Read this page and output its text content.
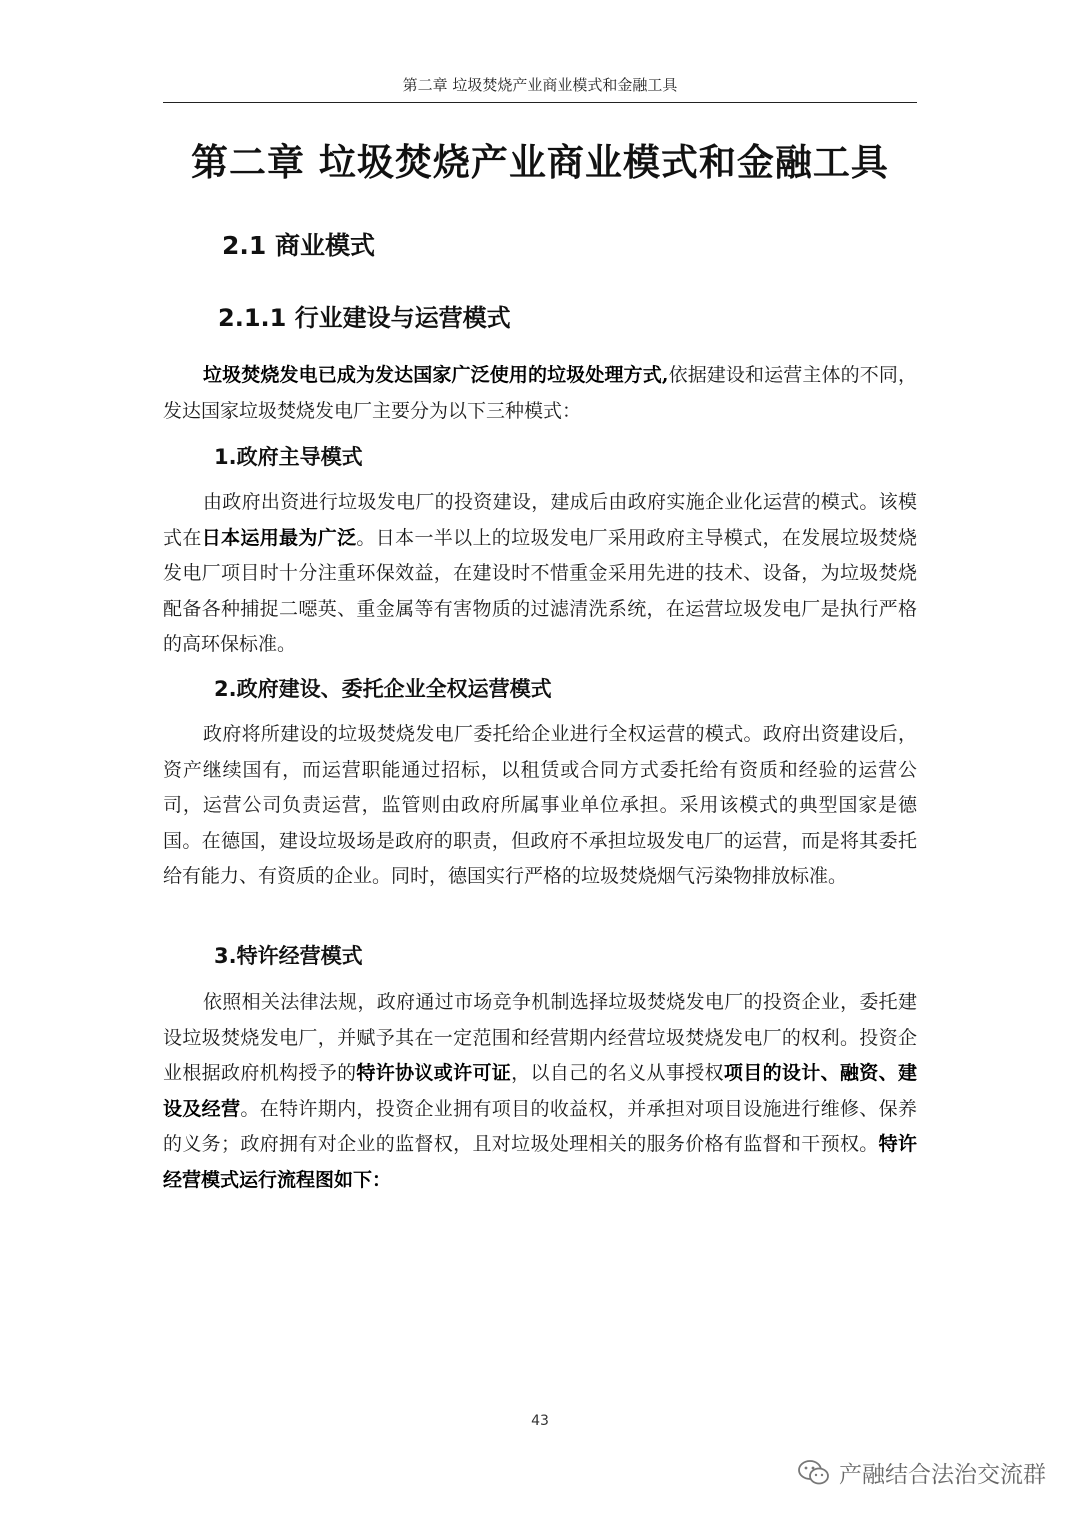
第二章 垃圾焚烧产业商业模式和金融工具
第二章 垃圾焚烧产业商业模式和金融工具
2.1 商业模式
2.1.1 行业建设与运营模式
垃圾焚烧发电已成为发达国家广泛使用的垃圾处理方式,依据建设和运营主体的不同，发达国家垃圾焚烧发电厂主要分为以下三种模式：
1.政府主导模式
由政府出资进行垃圾发电厂的投资建设，建成后由政府实施企业化运营的模式。该模式在日本运用最为广泛。日本一半以上的垃圾发电厂采用政府主导模式，在发展垃圾焚烧发电厂项目时十分注重环保效益，在建设时不惜重金采用先进的技术、设备，为垃圾焚烧配备各种捕捉二噁英、重金属等有害物质的过滤清洗系统，在运营垃圾发电厂是执行严格的高环保标准。
2.政府建设、委托企业全权运营模式
政府将所建设的垃圾焚烧发电厂委托给企业进行全权运营的模式。政府出资建设后，资产继续国有，而运营职能通过招标，以租赁或合同方式委托给有资质和经验的运营公司，运营公司负责运营，监管则由政府所属事业单位承担。采用该模式的典型国家是德国。在德国，建设垃圾场是政府的职责，但政府不承担垃圾发电厂的运营，而是将其委托给有能力、有资质的企业。同时，德国实行严格的垃圾焚烧烟气污染物排放标准。
3.特许经营模式
依照相关法律法规，政府通过市场竞争机制选择垃圾焚烧发电厂的投资企业，委托建设垃圾焚烧发电厂，并赋予其在一定范围和经营期内经营垃圾焚烧发电厂的权利。投资企业根据政府机构授予的特许协议或许可证，以自己的名义从事授权项目的设计、融资、建设及经营。在特许期内，投资企业拥有项目的收益权，并承担对项目设施进行维修、保养的义务；政府拥有对企业的监督权，且对垃圾处理相关的服务价格有监督和干预权。特许经营模式运行流程图如下：
43
产融结合法治交流群
